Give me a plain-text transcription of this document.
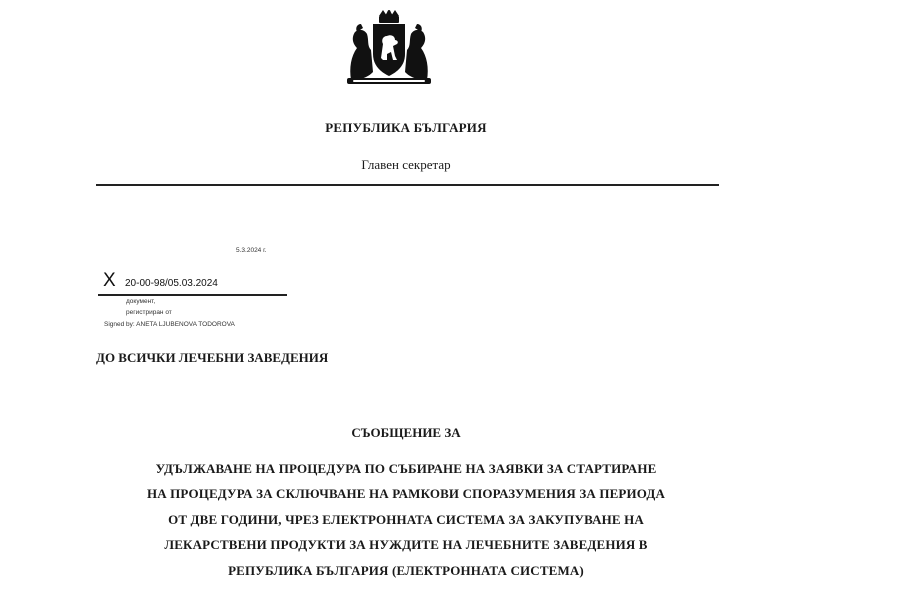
РЕПУБЛИКА БЪЛГАРИЯ
Главен секретар
5.3.2024 г.
X 20-00-98/05.03.2024
документ,
регистриран от
Signed by: ANETA LJUBENOVA TODOROVA
ДО ВСИЧКИ ЛЕЧЕБНИ ЗАВЕДЕНИЯ
СЪОБЩЕНИЕ ЗА
УДЪЛЖАВАНЕ НА ПРОЦЕДУРА ПО СЪБИРАНЕ НА ЗАЯВКИ ЗА СТАРТИРАНЕ
НА ПРОЦЕДУРА ЗА СКЛЮЧВАНЕ НА РАМКОВИ СПОРАЗУМЕНИЯ ЗА ПЕРИОДА
ОТ ДВЕ ГОДИНИ, ЧРЕЗ ЕЛЕКТРОННАТА СИСТЕМА ЗА ЗАКУПУВАНЕ НА
ЛЕКАРСТВЕНИ ПРОДУКТИ ЗА НУЖДИТЕ НА ЛЕЧЕБНИТЕ ЗАВЕДЕНИЯ В
РЕПУБЛИКА БЪЛГАРИЯ (ЕЛЕКТРОННАТА СИСТЕМА)
